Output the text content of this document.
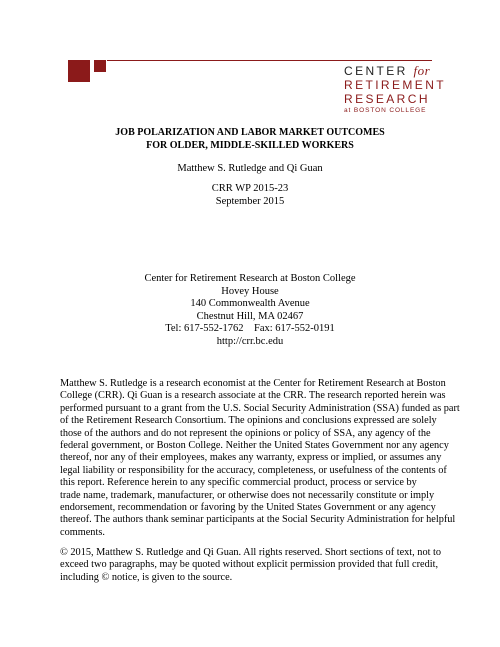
CENTER for
RETIREMENT
RESEARCH
at BOSTON COLLEGE
JOB POLARIZATION AND LABOR MARKET OUTCOMES
FOR OLDER, MIDDLE-SKILLED WORKERS
Matthew S. Rutledge and Qi Guan
CRR WP 2015-23
September 2015
Center for Retirement Research at Boston College
Hovey House
140 Commonwealth Avenue
Chestnut Hill, MA 02467
Tel: 617-552-1762    Fax: 617-552-0191
http://crr.bc.edu
Matthew S. Rutledge is a research economist at the Center for Retirement Research at Boston
College (CRR). Qi Guan is a research associate at the CRR. The research reported herein was
performed pursuant to a grant from the U.S. Social Security Administration (SSA) funded as part
of the Retirement Research Consortium. The opinions and conclusions expressed are solely
those of the authors and do not represent the opinions or policy of SSA, any agency of the
federal government, or Boston College. Neither the United States Government nor any agency
thereof, nor any of their employees, makes any warranty, express or implied, or assumes any
legal liability or responsibility for the accuracy, completeness, or usefulness of the contents of
this report. Reference herein to any specific commercial product, process or service by
trade name, trademark, manufacturer, or otherwise does not necessarily constitute or imply
endorsement, recommendation or favoring by the United States Government or any agency
thereof. The authors thank seminar participants at the Social Security Administration for helpful
comments.
© 2015, Matthew S. Rutledge and Qi Guan. All rights reserved. Short sections of text, not to
exceed two paragraphs, may be quoted without explicit permission provided that full credit,
including © notice, is given to the source.
